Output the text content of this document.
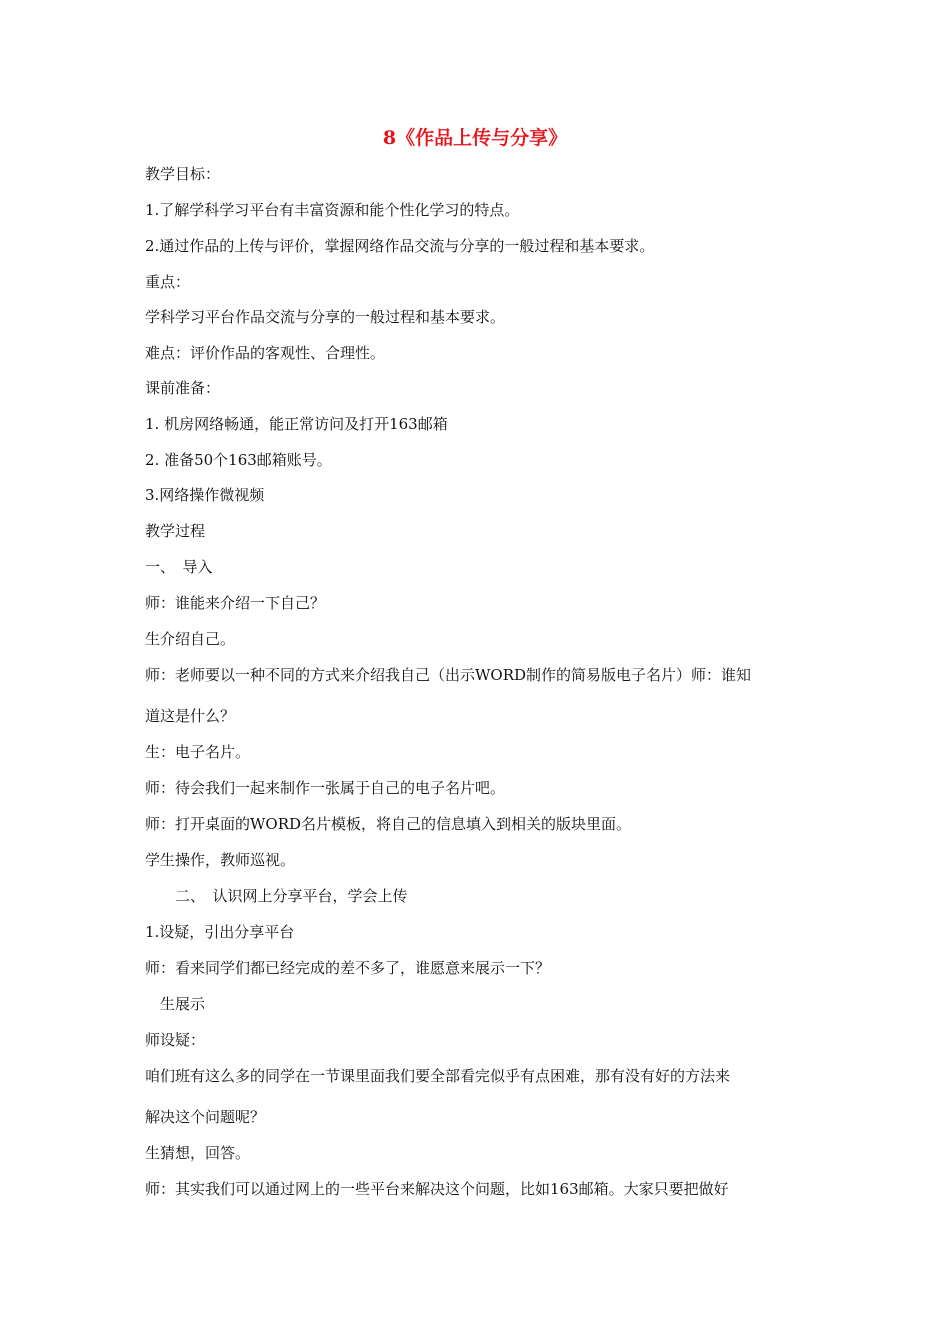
8《作品上传与分享》
教学目标：
1.了解学科学习平台有丰富资源和能个性化学习的特点。
2.通过作品的上传与评价，掌握网络作品交流与分享的一般过程和基本要求。
重点：
学科学习平台作品交流与分享的一般过程和基本要求。
难点：评价作品的客观性、合理性。
课前准备：
1. 机房网络畅通，能正常访问及打开163邮箱
2. 准备50个163邮箱账号。
3.网络操作微视频
教学过程
一、　导入
师：谁能来介绍一下自己？
生介绍自己。
师：老师要以一种不同的方式来介绍我自己（出示WORD制作的简易版电子名片）师：谁知
道这是什么？
生：电子名片。
师：待会我们一起来制作一张属于自己的电子名片吧。
师：打开桌面的WORD名片模板，将自己的信息填入到相关的版块里面。
学生操作，教师巡视。
　　二、　认识网上分享平台，学会上传
1.设疑，引出分享平台
师：看来同学们都已经完成的差不多了，谁愿意来展示一下？
　生展示
师设疑：
咱们班有这么多的同学在一节课里面我们要全部看完似乎有点困难，那有没有好的方法来
解决这个问题呢？
生猜想，回答。
师：其实我们可以通过网上的一些平台来解决这个问题，比如163邮箱。大家只要把做好
